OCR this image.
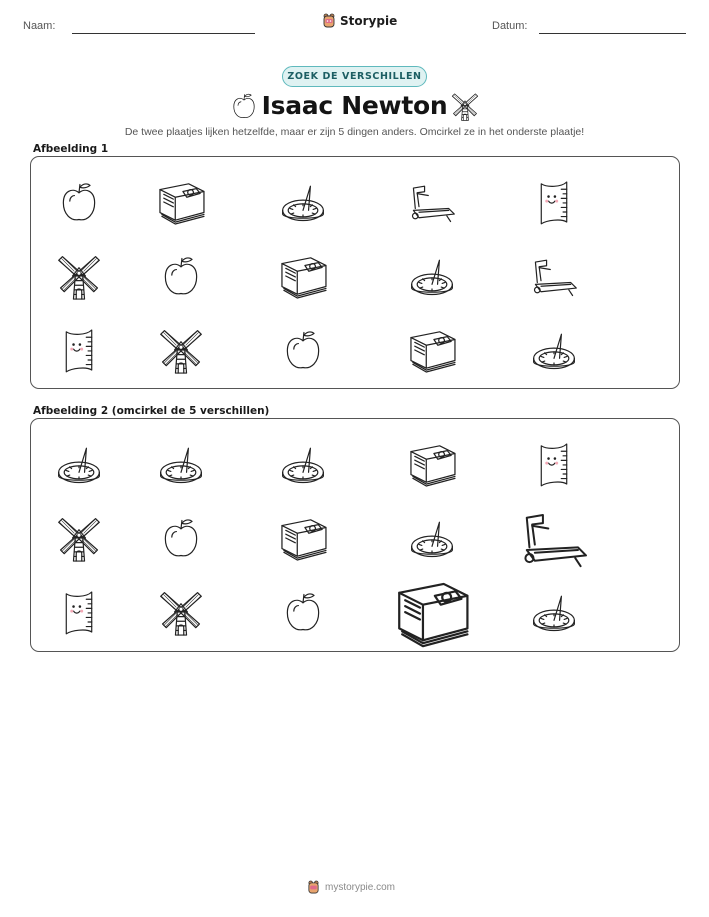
Naam:	Storypie	Datum:
ZOEK DE VERSCHILLEN
Isaac Newton
De twee plaatjes lijken hetzelfde, maar er zijn 5 dingen anders. Omcirkel ze in het onderste plaatje!
Afbeelding 1
Afbeelding 2 (omcirkel de 5 verschillen)
mystorypie.com
